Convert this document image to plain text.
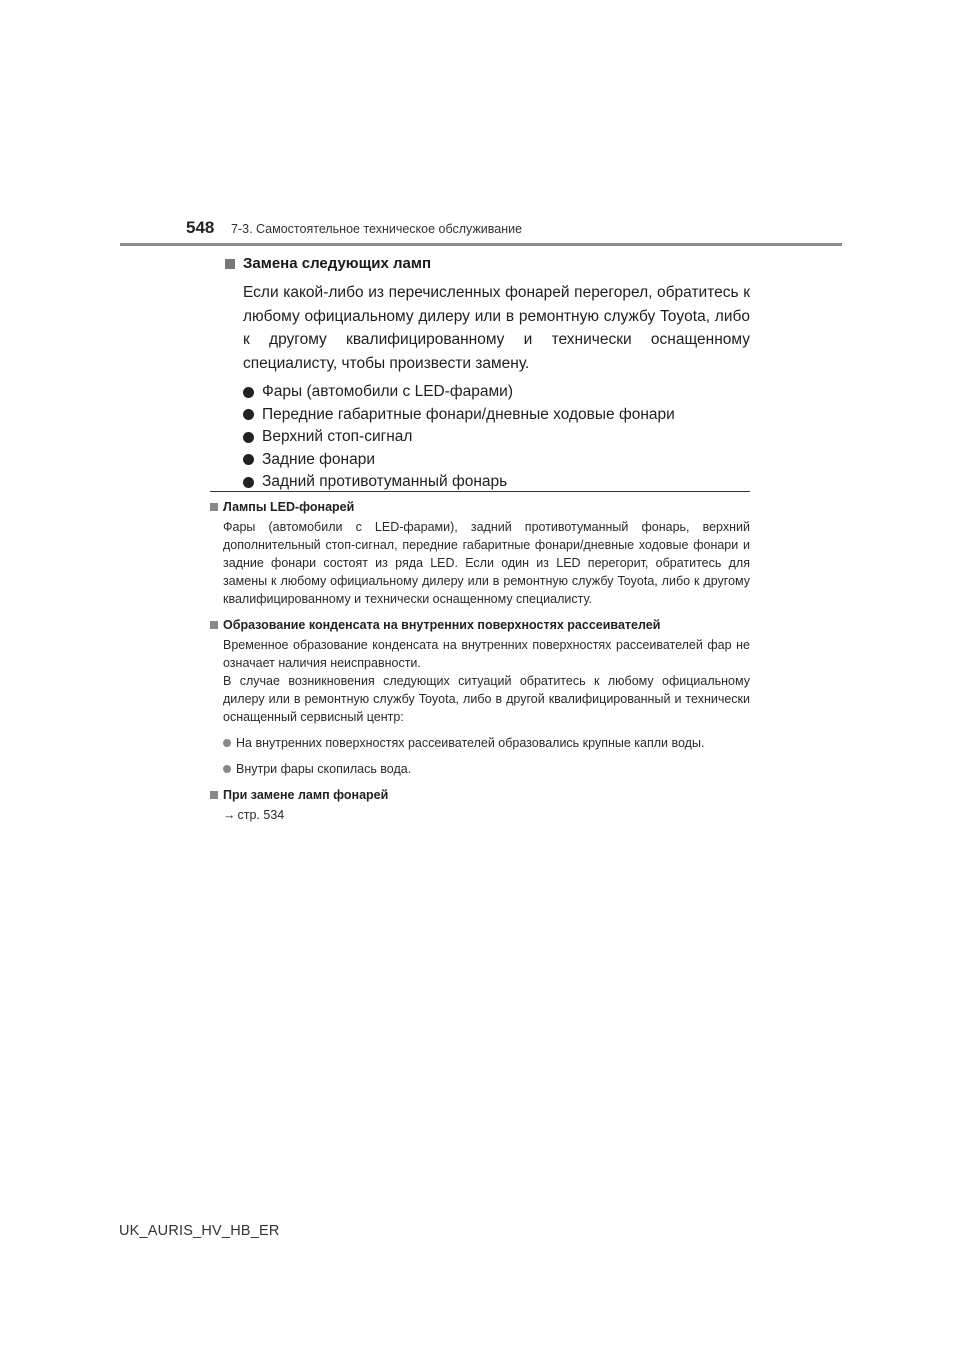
548 7-3. Самостоятельное техническое обслуживание
Замена следующих ламп
Если какой-либо из перечисленных фонарей перегорел, обратитесь к любому официальному дилеру или в ремонтную службу Toyota, либо к другому квалифицированному и технически оснащенному специалисту, чтобы произвести замену.
Фары (автомобили с LED-фарами)
Передние габаритные фонари/дневные ходовые фонари
Верхний стоп-сигнал
Задние фонари
Задний противотуманный фонарь
Лампы LED-фонарей

Фары (автомобили с LED-фарами), задний противотуманный фонарь, верхний дополнительный стоп-сигнал, передние габаритные фонари/дневные ходовые фонари и задние фонари состоят из ряда LED. Если один из LED перегорит, обратитесь для замены к любому официальному дилеру или в ремонтную службу Toyota, либо к другому квалифицированному и технически оснащенному специалисту.

Образование конденсата на внутренних поверхностях рассеивателей

Временное образование конденсата на внутренних поверхностях рассеивателей фар не означает наличия неисправности.

В случае возникновения следующих ситуаций обратитесь к любому официальному дилеру или в ремонтную службу Toyota, либо в другой квалифицированный и технически оснащенный сервисный центр:

На внутренних поверхностях рассеивателей образовались крупные капли воды.
Внутри фары скопилась вода.
При замене ламп фонарей
→ стр. 534
UK_AURIS_HV_HB_ER
